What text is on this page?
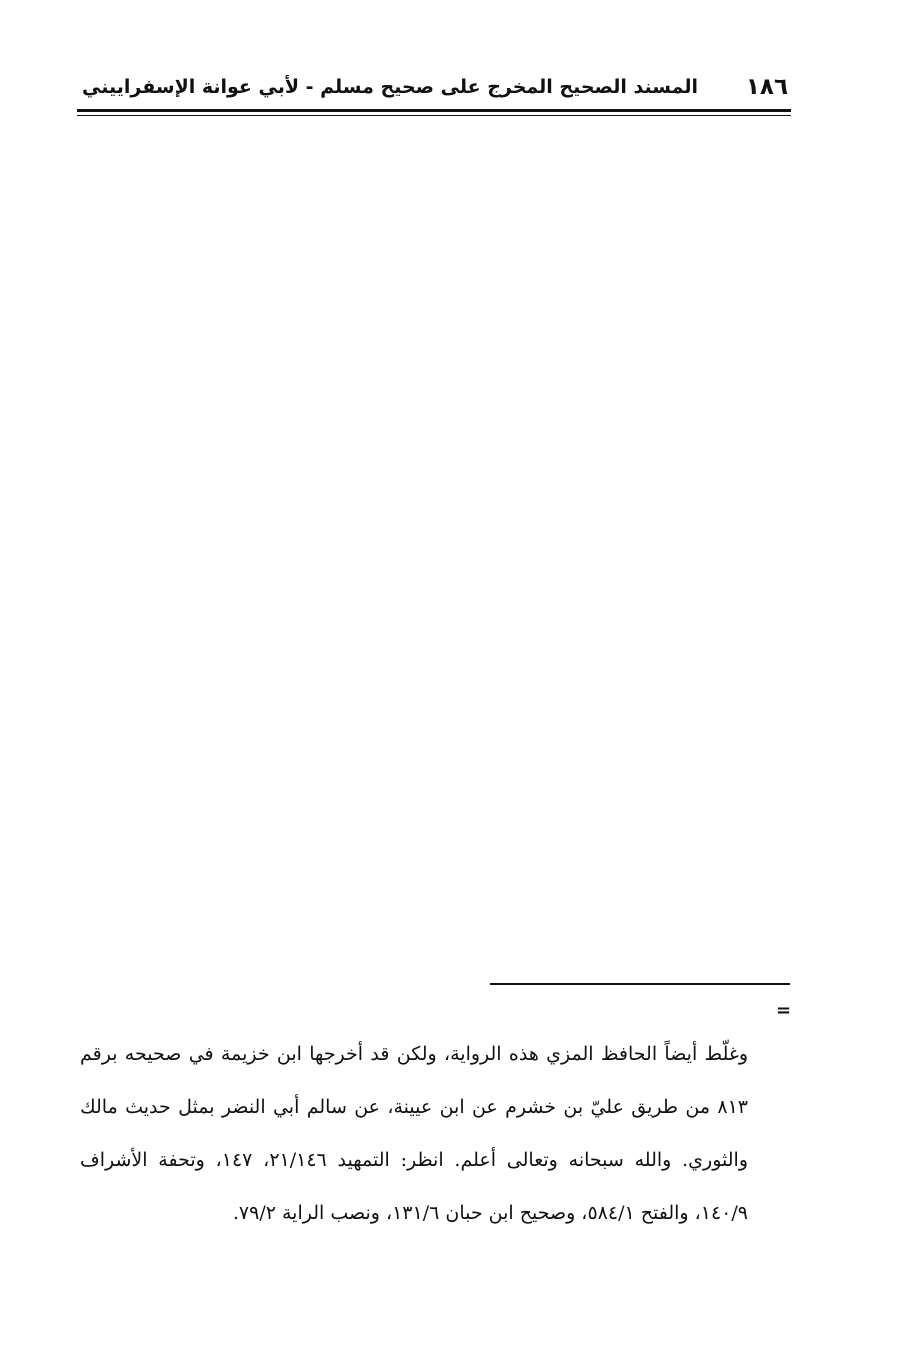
١٨٦
المسند الصحيح المخرج على صحيح مسلم - لأبي عوانة الإسفراييني
=
وغلّط أيضاً الحافظ المزي هذه الرواية، ولكن قد أخرجها ابن خزيمة في صحيحه برقم
٨١٣ من طريق عليّ بن خشرم عن ابن عيينة، عن سالم أبي النضر بمثل حديث مالك
والثوري. والله سبحانه وتعالى أعلم. انظر: التمهيد ٢١/١٤٦، ١٤٧، وتحفة الأشراف
١٤٠/٩، والفتح ٥٨٤/١، وصحيح ابن حبان ١٣١/٦، ونصب الراية ٧٩/٢.
